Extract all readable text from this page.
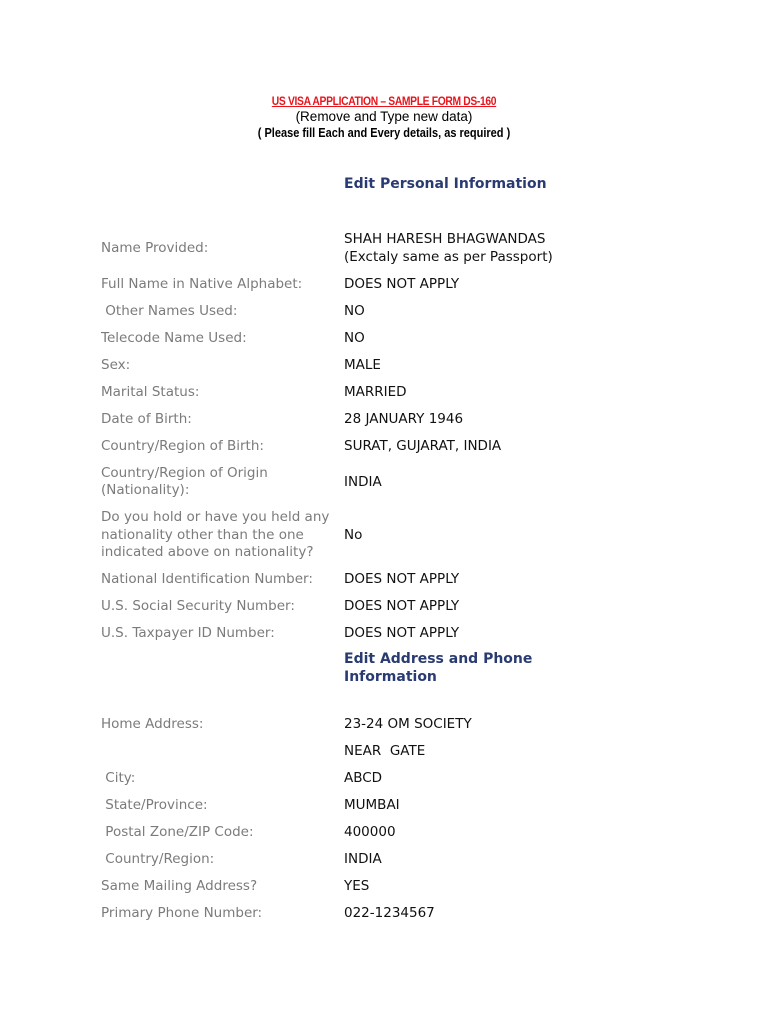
US VISA APPLICATION – SAMPLE FORM DS-160
(Remove and Type new data)
( Please fill Each and Every details, as required )
Edit Personal Information
Name Provided:
SHAH HARESH BHAGWANDAS
(Exctaly same as per Passport)
Full Name in Native Alphabet:	DOES NOT APPLY
Other Names Used:	NO
Telecode Name Used:	NO
Sex:	MALE
Marital Status:	MARRIED
Date of Birth:	28 JANUARY 1946
Country/Region of Birth:	SURAT, GUJARAT, INDIA
Country/Region of Origin
(Nationality):	INDIA
Do you hold or have you held any
nationality other than the one
indicated above on nationality?
No
National Identification Number:	DOES NOT APPLY
U.S. Social Security Number:	DOES NOT APPLY
U.S. Taxpayer ID Number:	DOES NOT APPLY
Edit Address and Phone
Information
Home Address:	23-24 OM SOCIETY
NEAR  GATE
City:	ABCD
State/Province:	MUMBAI
Postal Zone/ZIP Code:	400000
Country/Region:	INDIA
Same Mailing Address?	YES
Primary Phone Number:	022-1234567
